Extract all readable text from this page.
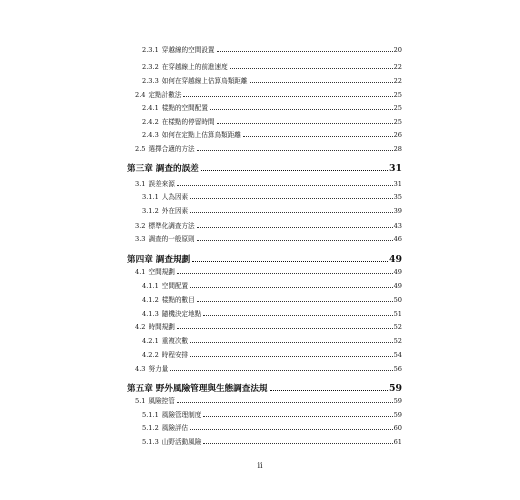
2.3.1 穿越線的空間設置	20
2.3.2 在穿越線上的前進速度	22
2.3.3 如何在穿越線上估算鳥類距離	22
2.4 定點計數法	25
2.4.1 樣點的空間配置	25
2.4.2 在樣點的停留時間	25
2.4.3 如何在定點上估算鳥類距離	26
2.5 選擇合適的方法	28
第三章 調查的誤差	31
3.1 誤差來源	31
3.1.1 人為因素	35
3.1.2 外在因素	39
3.2 標準化調查方法	43
3.3 調查的一般原則	46
第四章 調查規劃	49
4.1 空間規劃	49
4.1.1 空間配置	49
4.1.2 樣點的數目	50
4.1.3 隨機決定地點	51
4.2 時間規劃	52
4.2.1 重複次數	52
4.2.2 時程安排	54
4.3 努力量	56
第五章 野外風險管理與生態調查法規	59
5.1 風險控管	59
5.1.1 風險管理制度	59
5.1.2 風險評估	60
5.1.3 山野活動風險	61
ii
